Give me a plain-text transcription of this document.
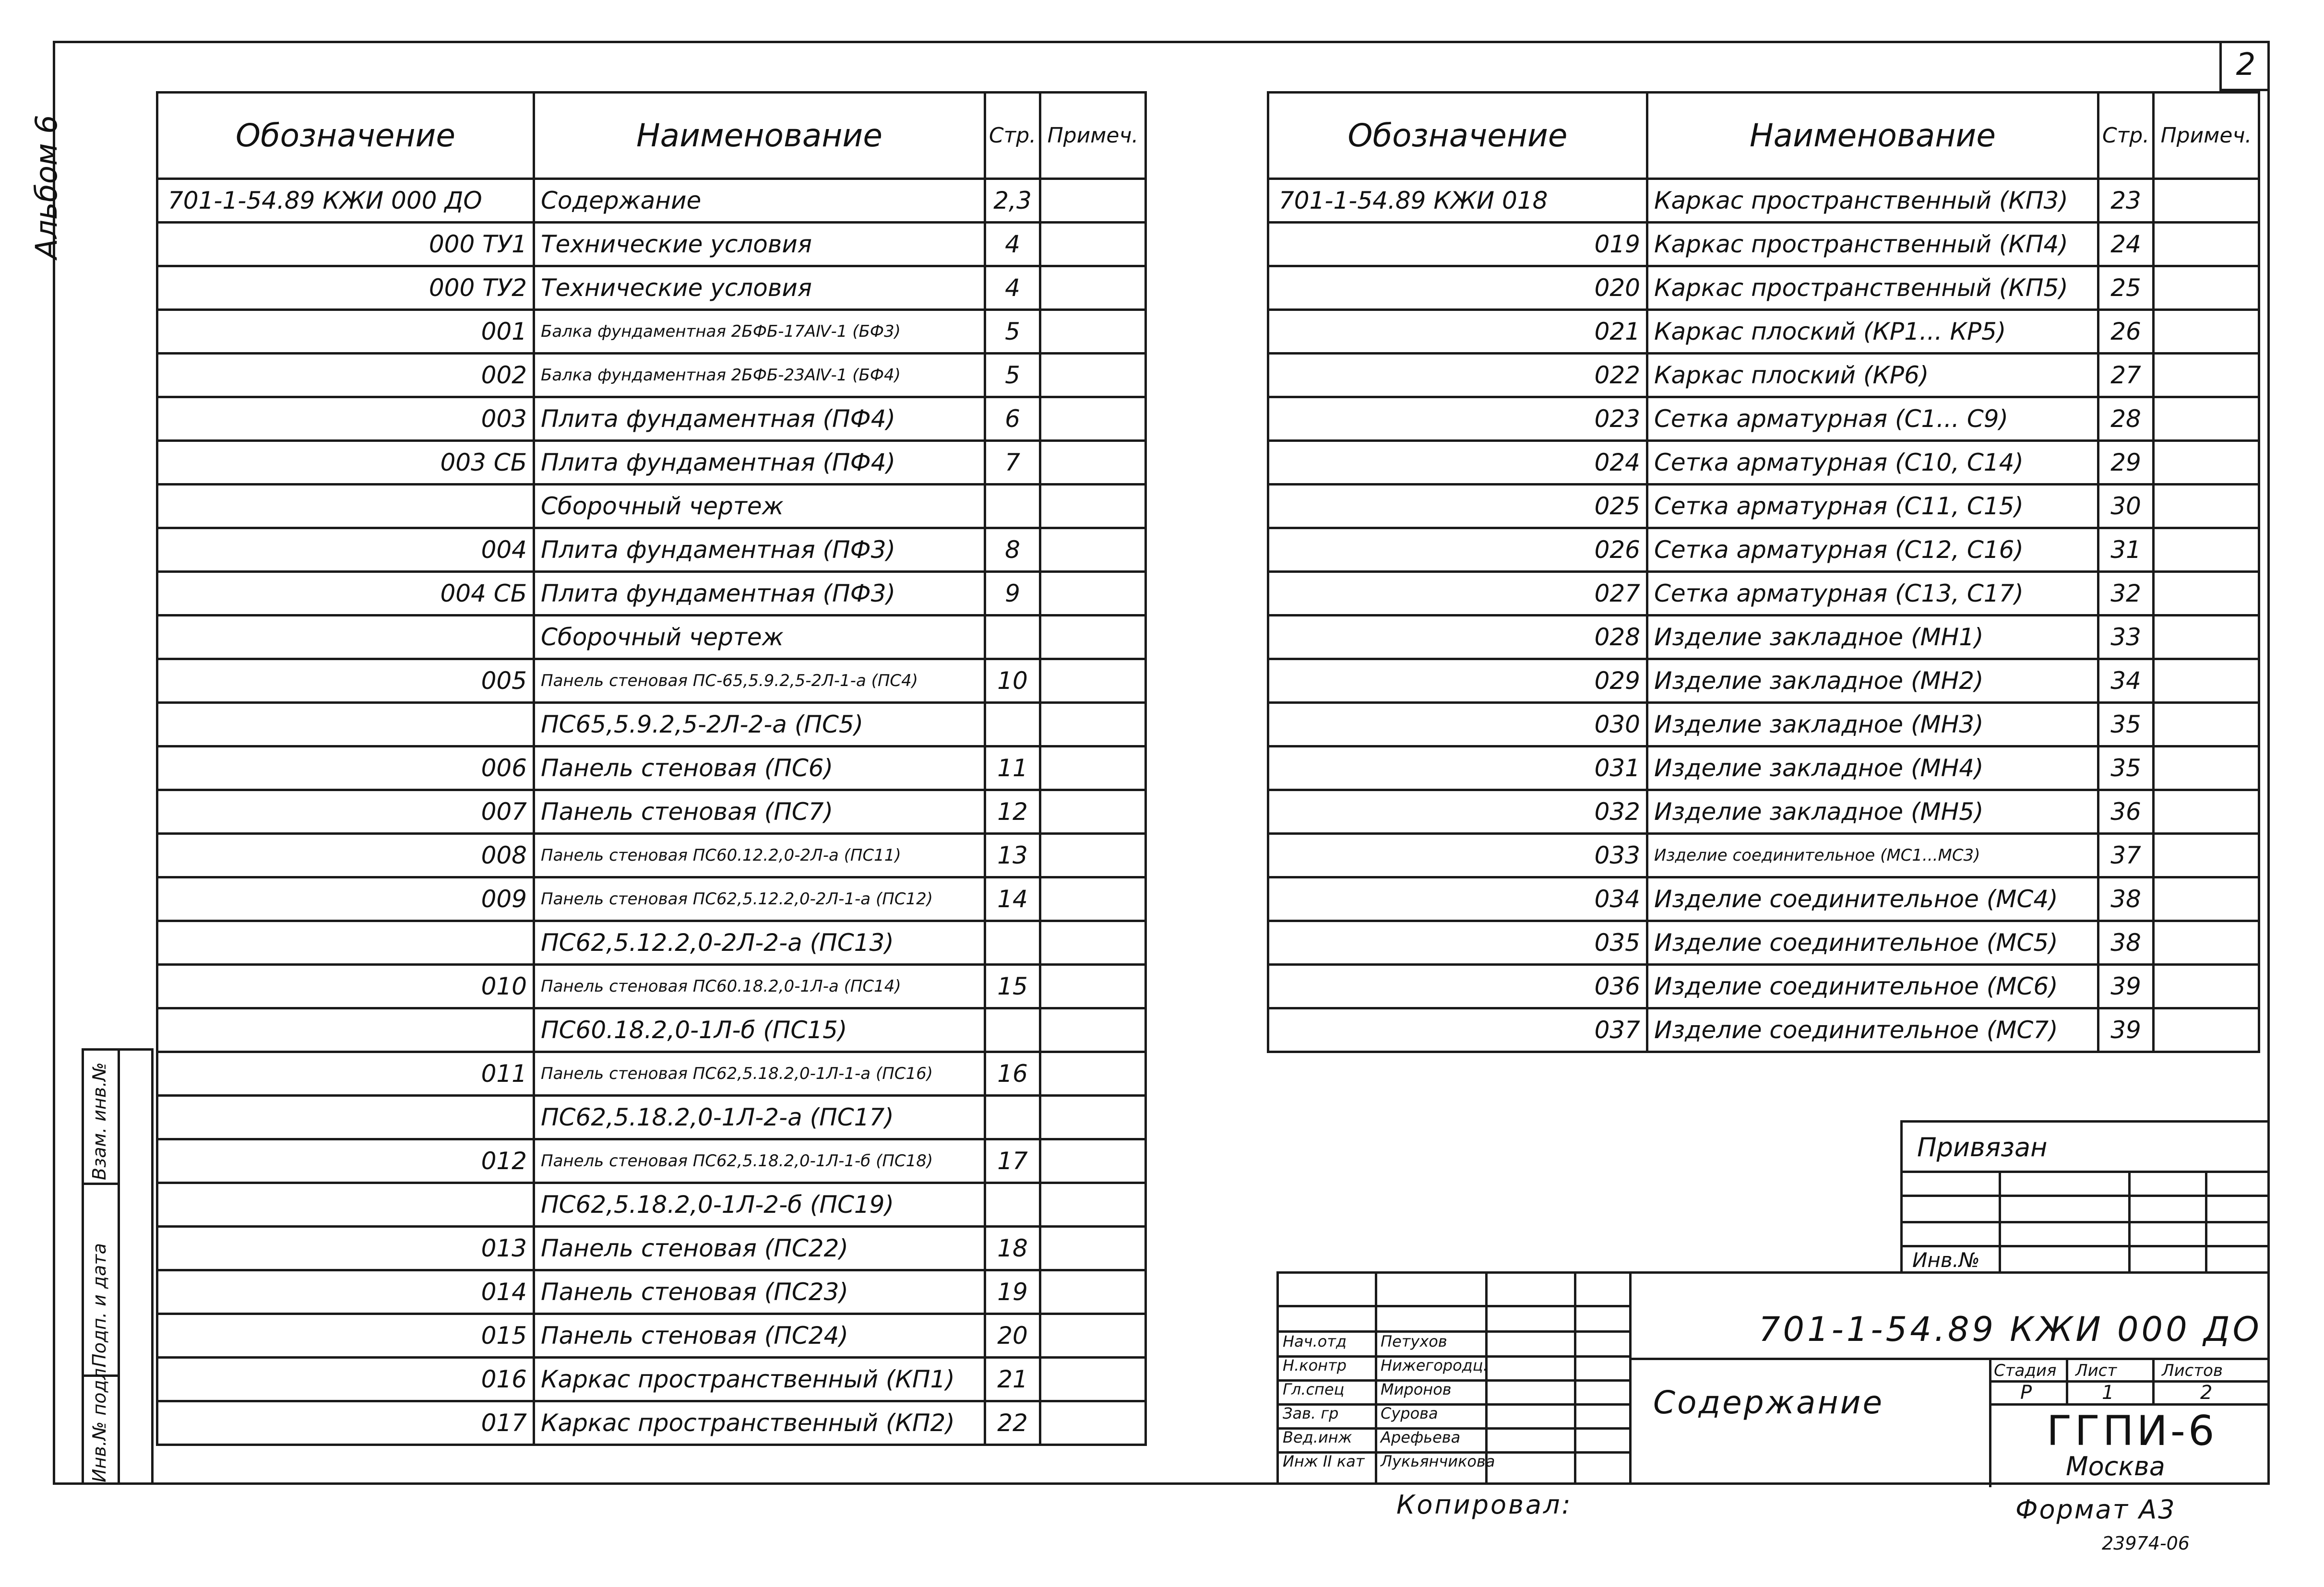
2
Альбом 6	Обозначение	Наименование	Стр.	Примеч.
701-1-54.89 КЖИ 000 ДО	Содержание	2,3	
000 ТУ1	Технические условия	4	
000 ТУ2	Технические условия	4	
001	Балка фундаментная 2БФБ-17АⅣ-1 (БФ3)	5	
002	Балка фундаментная 2БФБ-23АⅣ-1 (БФ4)	5	
003	Плита фундаментная (ПФ4)	6	
003 СБ	Плита фундаментная (ПФ4)	7	
	Сборочный чертеж		
004	Плита фундаментная (ПФ3)	8	
004 СБ	Плита фундаментная (ПФ3)	9	
	Сборочный чертеж		
005	Панель стеновая ПС-65,5.9.2,5-2Л-1-а (ПС4)	10	
	ПС65,5.9.2,5-2Л-2-а (ПС5)		
006	Панель стеновая (ПС6)	11	
007	Панель стеновая (ПС7)	12	
008	Панель стеновая ПС60.12.2,0-2Л-а (ПС11)	13	
009	Панель стеновая ПС62,5.12.2,0-2Л-1-а (ПС12)	14	
	ПС62,5.12.2,0-2Л-2-а (ПС13)		
010	Панель стеновая ПС60.18.2,0-1Л-а (ПС14)	15	
	ПС60.18.2,0-1Л-б (ПС15)		
011	Панель стеновая ПС62,5.18.2,0-1Л-1-а (ПС16)	16	
	ПС62,5.18.2,0-1Л-2-а (ПС17)		
012	Панель стеновая ПС62,5.18.2,0-1Л-1-б (ПС18)	17	
	ПС62,5.18.2,0-1Л-2-б (ПС19)		
013	Панель стеновая (ПС22)	18	
014	Панель стеновая (ПС23)	19	
015	Панель стеновая (ПС24)	20	
016	Каркас пространственный (КП1)	21	
017	Каркас пространственный (КП2)	22	
Обозначение	Наименование	Стр.	Примеч.
701-1-54.89 КЖИ 018	Каркас пространственный (КП3)	23	
019	Каркас пространственный (КП4)	24	
020	Каркас пространственный (КП5)	25	
021	Каркас плоский (КР1... КР5)	26	
022	Каркас плоский (КР6)	27	
023	Сетка арматурная (С1... С9)	28	
024	Сетка арматурная (С10, С14)	29	
025	Сетка арматурная (С11, С15)	30	
026	Сетка арматурная (С12, С16)	31	
027	Сетка арматурная (С13, С17)	32	
028	Изделие закладное (МН1)	33	
029	Изделие закладное (МН2)	34	
030	Изделие закладное (МН3)	35	
031	Изделие закладное (МН4)	35	
032	Изделие закладное (МН5)	36	
033	Изделие соединительное (МС1...МС3)	37	
034	Изделие соединительное (МС4)	38	
035	Изделие соединительное (МС5)	38	
036	Изделие соединительное (МС6)	39	
037	Изделие соединительное (МС7)	39	
Взам. инв.№
Подп. и дата
Инв.№ подл.
Привязан
Инв.№
Нач.отд Петухов
Н.контр Нижегородц.
Гл.спец Миронов
Зав. гр	Сурова
Вед.инж Арефьева
Инж II кат Лукьянчикова
701-1-54.89 КЖИ 000 ДО
Содержание
Стадия Лист	Листов
Р	1	2
ГГПИ-6
Москва
Копировал:	Формат А3
23974-06
